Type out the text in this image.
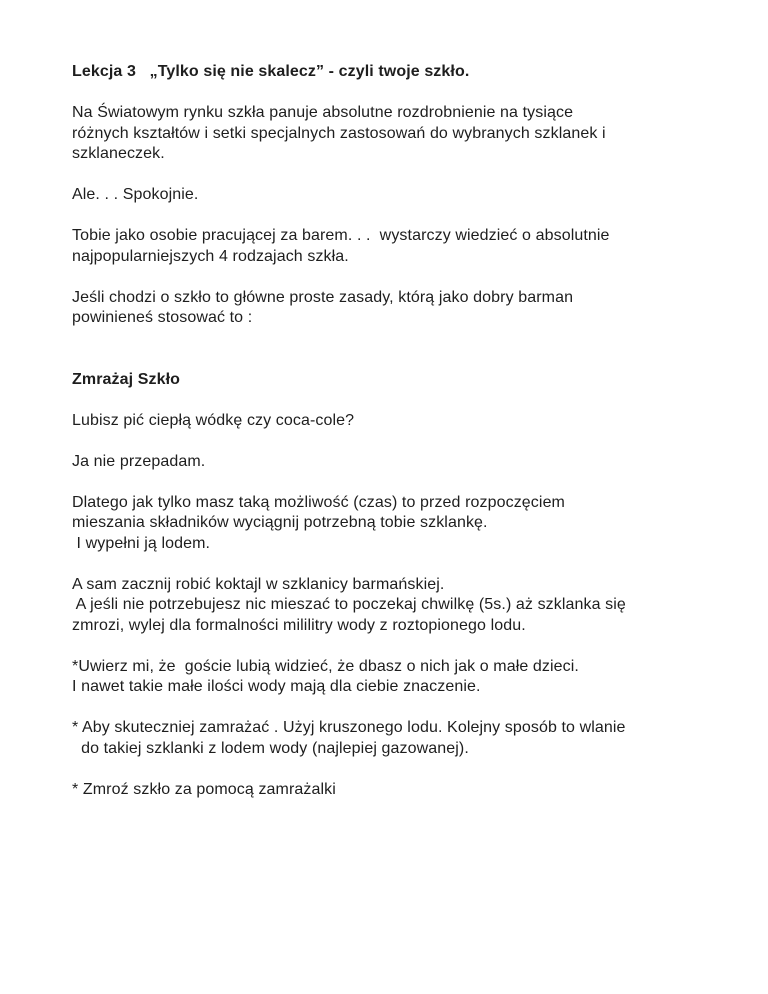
Lekcja 3   „Tylko się nie skalecz” - czyli twoje szkło.
Na Światowym rynku szkła panuje absolutne rozdrobnienie na tysiące
różnych kształtów i setki specjalnych zastosowań do wybranych szklanek i
szklaneczek.
Ale. . . Spokojnie.
Tobie jako osobie pracującej za barem. . .  wystarczy wiedzieć o absolutnie
najpopularniejszych 4 rodzajach szkła.
Jeśli chodzi o szkło to główne proste zasady, którą jako dobry barman
powinieneś stosować to :
Zmrażaj Szkło
Lubisz pić ciepłą wódkę czy coca-cole?
Ja nie przepadam.
Dlatego jak tylko masz taką możliwość (czas) to przed rozpoczęciem
mieszania składników wyciągnij potrzebną tobie szklankę.
I wypełni ją lodem.
A sam zacznij robić koktajl w szklanicy barmańskiej.
A jeśli nie potrzebujesz nic mieszać to poczekaj chwilkę (5s.) aż szklanka się
zmrozi, wylej dla formalności mililitry wody z roztopionego lodu.
*Uwierz mi, że  goście lubią widzieć, że dbasz o nich jak o małe dzieci.
I nawet takie małe ilości wody mają dla ciebie znaczenie.
* Aby skuteczniej zamrażać . Użyj kruszonego lodu. Kolejny sposób to wlanie
do takiej szklanki z lodem wody (najlepiej gazowanej).
* Zmroź szkło za pomocą zamrażalki
